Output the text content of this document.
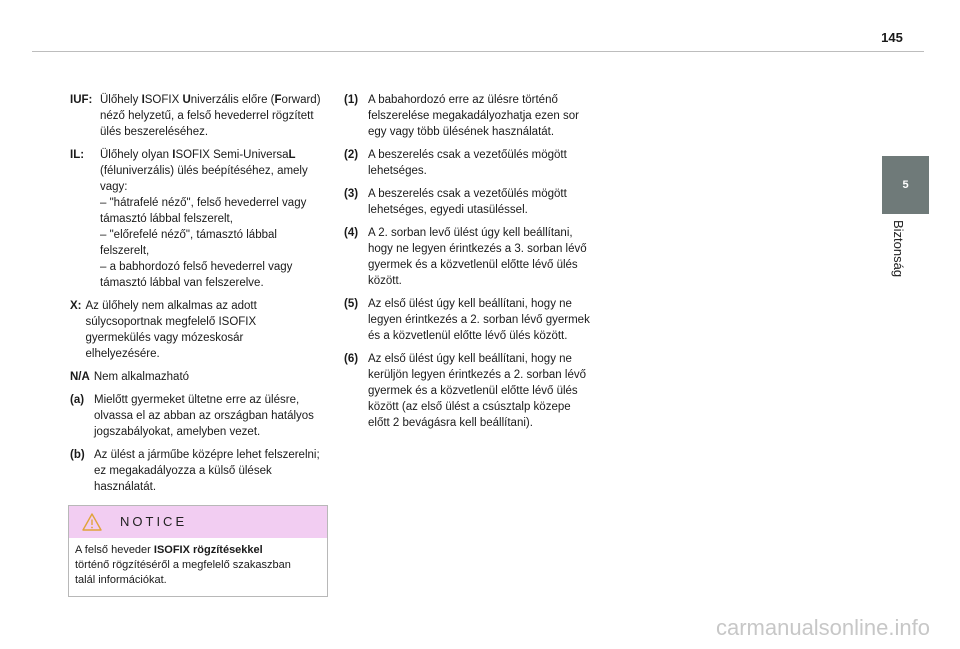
145
5
Biztonság
IUF: Ülőhely ISOFIX Univerzális előre (Forward)
néző helyzetű, a felső hevederrel rögzített
ülés beszereléséhez.
IL:	Ülőhely olyan ISOFIX Semi-UniversaL
(féluniverzális) ülés beépítéséhez, amely
vagy:
– "hátrafelé néző", felső hevederrel vagy
támasztó lábbal felszerelt,
– "előrefelé néző", támasztó lábbal
felszerelt,
– a babhordozó felső hevederrel vagy
támasztó lábbal van felszerelve.
X: Az ülőhely nem alkalmas az adott
súlycsoportnak megfelelő ISOFIX
gyermekülés vagy mózeskosár
elhelyezésére.
N/A Nem alkalmazható
(a) Mielőtt gyermeket ültetne erre az ülésre,
olvassa el az abban az országban hatályos
jogszabályokat, amelyben vezet.
(b) Az ülést a járműbe középre lehet felszerelni;
ez megakadályozza a külső ülések
használatát.
NOTICE
A felső heveder ISOFIX rögzítésekkel
történő rögzítéséről a megfelelő szakaszban
talál információkat.
(1) A babahordozó erre az ülésre történő
felszerelése megakadályozhatja ezen sor
egy vagy több ülésének használatát.
(2) A beszerelés csak a vezetőülés mögött
lehetséges.
(3) A beszerelés csak a vezetőülés mögött
lehetséges, egyedi utasüléssel.
(4) A 2. sorban levő ülést úgy kell beállítani,
hogy ne legyen érintkezés a 3. sorban lévő
gyermek és a közvetlenül előtte lévő ülés
között.
(5) Az első ülést úgy kell beállítani, hogy ne
legyen érintkezés a 2. sorban lévő gyermek
és a közvetlenül előtte lévő ülés között.
(6) Az első ülést úgy kell beállítani, hogy ne
kerüljön legyen érintkezés a 2. sorban lévő
gyermek és a közvetlenül előtte lévő ülés
között (az első ülést a csúsztalp közepe
előtt 2 bevágásra kell beállítani).
carmanualsonline.info
